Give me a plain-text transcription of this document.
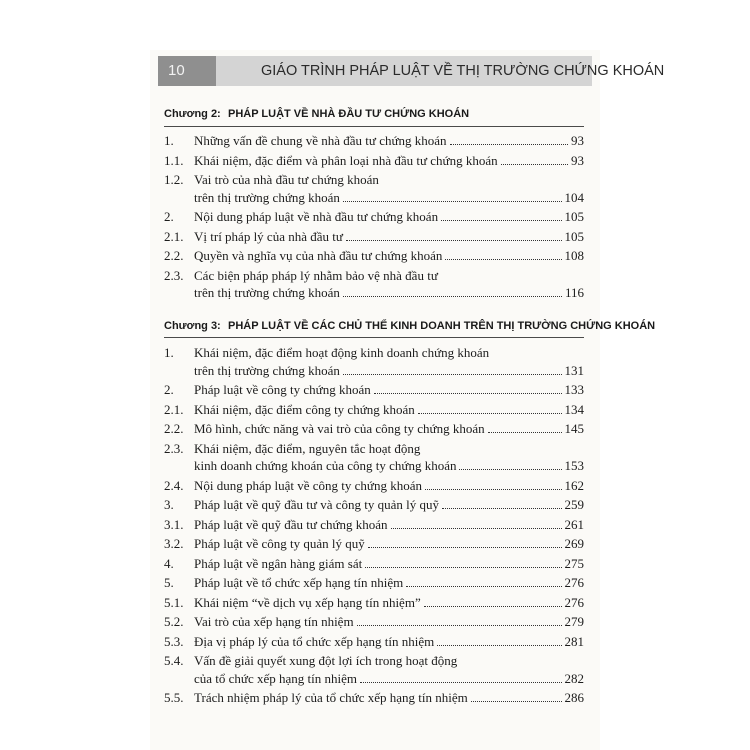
10	GIÁO TRÌNH PHÁP LUẬT VỀ THỊ TRƯỜNG CHỨNG KHOÁN
Chương 2: PHÁP LUẬT VỀ NHÀ ĐẦU TƯ CHỨNG KHOÁN
1. Những vấn đề chung về nhà đầu tư chứng khoán	93
1.1. Khái niệm, đặc điểm và phân loại nhà đầu tư chứng khoán	93
1.2. Vai trò của nhà đầu tư chứng khoán
trên thị trường chứng khoán	104
2. Nội dung pháp luật về nhà đầu tư chứng khoán	105
2.1. Vị trí pháp lý của nhà đầu tư	105
2.2. Quyền và nghĩa vụ của nhà đầu tư chứng khoán	108
2.3. Các biện pháp pháp lý nhằm bảo vệ nhà đầu tư
trên thị trường chứng khoán	116
Chương 3: PHÁP LUẬT VỀ CÁC CHỦ THỂ KINH DOANH TRÊN THỊ TRƯỜNG CHỨNG KHOÁN
1. Khái niệm, đặc điểm hoạt động kinh doanh chứng khoán
trên thị trường chứng khoán	131
2. Pháp luật về công ty chứng khoán	133
2.1. Khái niệm, đặc điểm công ty chứng khoán	134
2.2. Mô hình, chức năng và vai trò của công ty chứng khoán	145
2.3. Khái niệm, đặc điểm, nguyên tắc hoạt động
kinh doanh chứng khoán của công ty chứng khoán	153
2.4. Nội dung pháp luật về công ty chứng khoán	162
3. Pháp luật về quỹ đầu tư và công ty quản lý quỹ	259
3.1. Pháp luật về quỹ đầu tư chứng khoán	261
3.2. Pháp luật về công ty quản lý quỹ	269
4. Pháp luật về ngân hàng giám sát	275
5. Pháp luật về tổ chức xếp hạng tín nhiệm	276
5.1. Khái niệm “về dịch vụ xếp hạng tín nhiệm”	276
5.2. Vai trò của xếp hạng tín nhiệm	279
5.3. Địa vị pháp lý của tổ chức xếp hạng tín nhiệm	281
5.4. Vấn đề giải quyết xung đột lợi ích trong hoạt động
của tổ chức xếp hạng tín nhiệm	282
5.5. Trách nhiệm pháp lý của tổ chức xếp hạng tín nhiệm	286
